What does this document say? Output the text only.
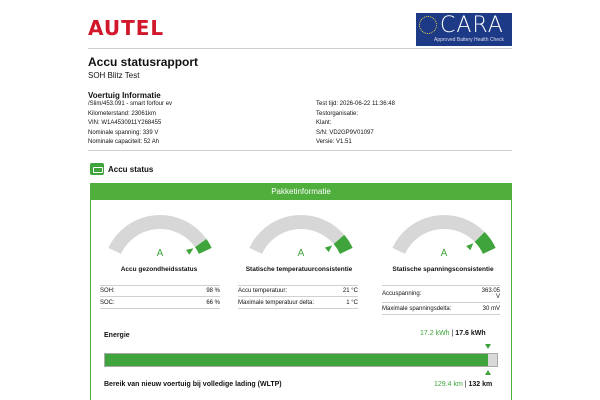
AUTEL	CARA
Approved Battery Health Check
Accu statusrapport
SOH Blitz Test
Voertuig Informatie
/Slim/453.091 - smart forfour ev
Kilometerstand: 23061km
VIN: W1A4530911Y268455
Nominale spanning: 339 V
Nominale capaciteit: 52 Ah
Test tijd: 2026-06-22 11:36:48
Testorganisatie:
Klant:
S/N: VD2GP9V01097
Versie: V1.51
Accu status
Pakketinformatie
A	A	A
Accu gezondheidsstatus	Statische temperatuurconsistentie	Statische spanningsconsistentie
SOH:	98 %
SOC:	66 %
Accu temperatuur:	21 °C
Maximale temperatuur delta:	1 °C
Accuspanning:	363.05 V
Maximale spanningsdelta:	30 mV
Energie	17.2 kWh | 17.6 kWh
Bereik van nieuw voertuig bij volledige lading (WLTP)	129.4 km | 132 km
